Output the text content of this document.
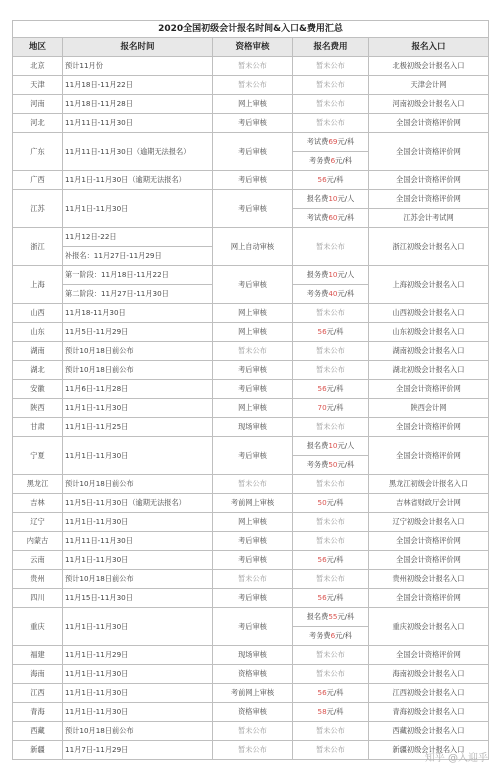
2020全国初级会计报名时间&入口&费用汇总
地区	报名时间	资格审核	报名费用	报名入口
北京	预计11月份	暂未公布	暂未公布	北极初级会计报名入口
天津	11月18日-11月22日	暂未公布	暂未公布	天津会计网
河南	11月18日-11月28日	网上审核	暂未公布	河南初级会计报名入口
河北	11月11日-11月30日	考后审核	暂未公布	全国会计资格评价网
广东	11月11日-11月30日（逾期无法报名）	考后审核	考试费69元/科	全国会计资格评价网
			考务费6元/科	
广西	11月1日-11月30日（逾期无法报名）	考后审核	56元/科	全国会计资格评价网
江苏	11月1日-11月30日	考后审核	报名费10元/人	全国会计资格评价网
			考试费60元/科	江苏会计考试网
浙江	11月12日-22日	网上自动审核	暂未公布	浙江初级会计报名入口
	补报名：11月27日-11月29日			
上海	第一阶段：11月18日-11月22日	考后审核	报务费10元/人	上海初级会计报名入口
	第二阶段：11月27日-11月30日		考务费40元/科	
山西	11月18-11月30日	网上审核	暂未公布	山西初级会计报名入口
山东	11月5日-11月29日	网上审核	56元/科	山东初级会计报名入口
湖南	预计10月18日前公布	暂未公布	暂未公布	湖南初级会计报名入口
湖北	预计10月18日前公布	考后审核	暂未公布	湖北初级会计报名入口
安徽	11月6日-11月28日	考后审核	56元/科	全国会计资格评价网
陕西	11月1日-11月30日	网上审核	70元/科	陕西会计网
甘肃	11月1日-11月25日	现场审核	暂未公布	全国会计资格评价网
宁夏	11月1日-11月30日	考后审核	报名费10元/人	全国会计资格评价网
			考务费50元/科	
黑龙江	预计10月18日前公布	暂未公布	暂未公布	黑龙江初级会计报名入口
吉林	11月5日-11月30日（逾期无法报名）	考前网上审核	50元/科	吉林省财政厅会计网
辽宁	11月1日-11月30日	网上审核	暂未公布	辽宁初级会计报名入口
内蒙古	11月11日-11月30日	考后审核	暂未公布	全国会计资格评价网
云南	11月1日-11月30日	考后审核	56元/科	全国会计资格评价网
贵州	预计10月18日前公布	暂未公布	暂未公布	贵州初级会计报名入口
四川	11月15日-11月30日	考后审核	56元/科	全国会计资格评价网
重庆	11月1日-11月30日	考后审核	报名费55元/科	重庆初级会计报名入口
			考务费6元/科	
福建	11月1日-11月29日	现场审核	暂未公布	全国会计资格评价网
海南	11月1日-11月30日	资格审核	暂未公布	海南初级会计报名入口
江西	11月1日-11月30日	考前网上审核	56元/科	江西初级会计报名入口
青海	11月1日-11月30日	资格审核	58元/科	青海初级会计报名入口
西藏	预计10月18日前公布	暂未公布	暂未公布	西藏初级会计报名入口
新疆	11月7日-11月29日	暂未公布	暂未公布	新疆初级会计报名入口
知乎 @入迎乎
